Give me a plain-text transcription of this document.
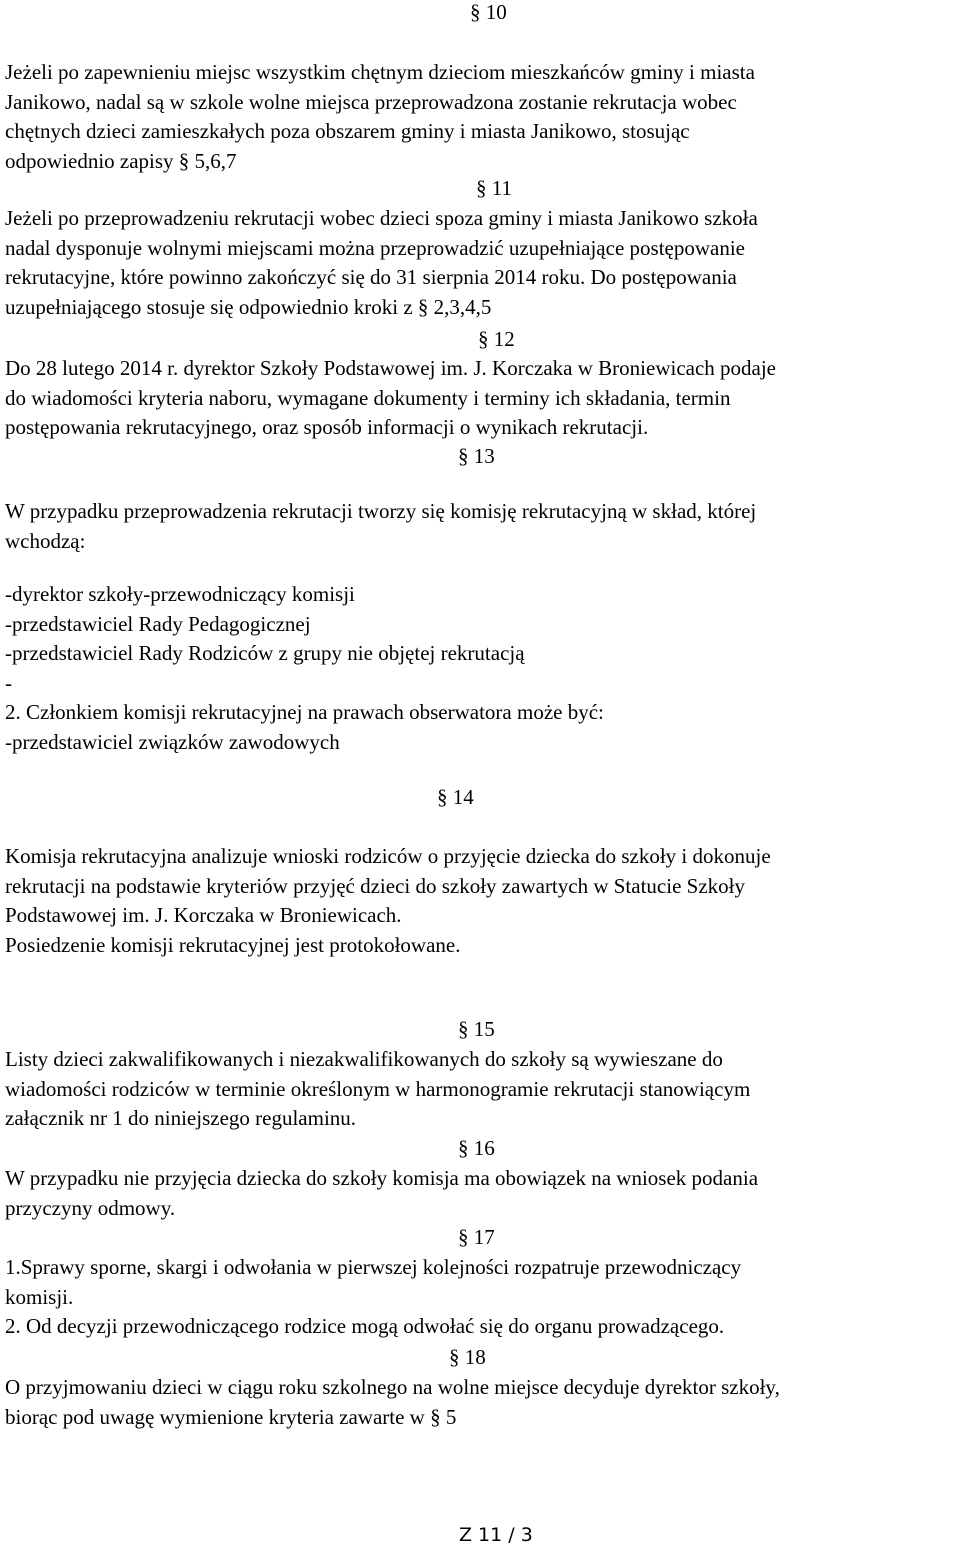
§ 10
Jeżeli po zapewnieniu miejsc wszystkim chętnym dzieciom mieszkańców gminy i miasta
Janikowo, nadal są w szkole wolne miejsca przeprowadzona zostanie rekrutacja wobec
chętnych dzieci zamieszkałych poza obszarem gminy i miasta Janikowo, stosując
odpowiednio zapisy § 5,6,7
§ 11
Jeżeli po przeprowadzeniu rekrutacji wobec dzieci spoza gminy i miasta Janikowo szkoła
nadal dysponuje wolnymi miejscami można przeprowadzić uzupełniające postępowanie
rekrutacyjne, które powinno zakończyć się do 31 sierpnia 2014 roku. Do postępowania
uzupełniającego stosuje się odpowiednio kroki z § 2,3,4,5
§ 12
Do 28 lutego 2014 r. dyrektor Szkoły Podstawowej im. J. Korczaka w Broniewicach podaje
do wiadomości kryteria naboru, wymagane dokumenty i terminy ich składania, termin
postępowania rekrutacyjnego, oraz sposób informacji o wynikach rekrutacji.
§ 13
W przypadku przeprowadzenia rekrutacji tworzy się komisję rekrutacyjną w skład, której
wchodzą:
-dyrektor szkoły-przewodniczący komisji
-przedstawiciel Rady Pedagogicznej
-przedstawiciel Rady Rodziców z grupy nie objętej rekrutacją
-
2. Członkiem komisji rekrutacyjnej na prawach obserwatora może być:
-przedstawiciel związków zawodowych
§ 14
Komisja rekrutacyjna analizuje wnioski rodziców o przyjęcie dziecka do szkoły i dokonuje
rekrutacji na podstawie kryteriów przyjęć dzieci do szkoły zawartych w Statucie Szkoły
Podstawowej im. J. Korczaka w Broniewicach.
Posiedzenie komisji rekrutacyjnej jest protokołowane.
§ 15
Listy dzieci zakwalifikowanych i niezakwalifikowanych do szkoły są wywieszane do
wiadomości rodziców w terminie określonym w harmonogramie rekrutacji stanowiącym
załącznik nr 1 do niniejszego regulaminu.
§ 16
W przypadku nie przyjęcia dziecka do szkoły komisja ma obowiązek na wniosek podania
przyczyny odmowy.
§ 17
1.Sprawy sporne, skargi i odwołania w pierwszej kolejności rozpatruje przewodniczący
komisji.
2. Od decyzji przewodniczącego rodzice mogą odwołać się do organu prowadzącego.
§ 18
O przyjmowaniu dzieci w ciągu roku szkolnego na wolne miejsce decyduje dyrektor szkoły,
biorąc pod uwagę wymienione kryteria zawarte w § 5
Z 11 / 3
